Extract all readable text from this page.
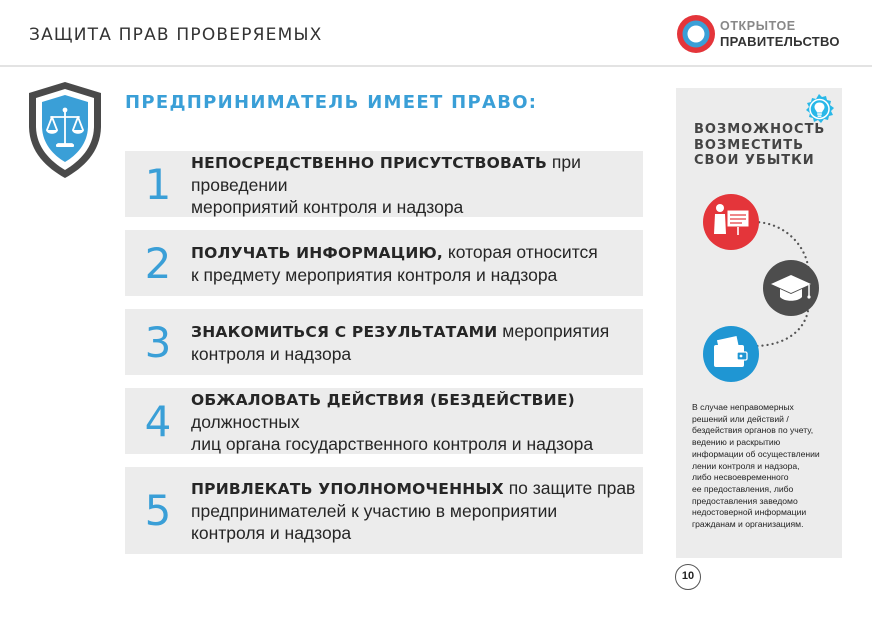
ЗАЩИТА ПРАВ ПРОВЕРЯЕМЫХ	ОТКРЫТОЕ
ПРАВИТЕЛЬСТВО
ПРЕДПРИНИМАТЕЛЬ ИМЕЕТ ПРАВО:
1	НЕПОСРЕДСТВЕННО ПРИСУТСТВОВАТЬ при проведении
мероприятий контроля и надзора
2	ПОЛУЧАТЬ ИНФОРМАЦИЮ, которая относится
к предмету мероприятия контроля и надзора
3	ЗНАКОМИТЬСЯ С РЕЗУЛЬТАТАМИ мероприятия
контроля и надзора
4	ОБЖАЛОВАТЬ ДЕЙСТВИЯ (БЕЗДЕЙСТВИЕ) должностных
лиц органа государственного контроля и надзора
5	ПРИВЛЕКАТЬ УПОЛНОМОЧЕННЫХ по защите прав
предпринимателей к участию в мероприятии
контроля и надзора
ВОЗМОЖНОСТЬ
ВОЗМЕСТИТЬ
СВОИ УБЫТКИ
В случае неправомерных
решений или действий /
бездействия органов по учету,
ведению и раскрытию
информации об осуществлении
лении контроля и надзора,
либо несвоевременного
ее предоставления, либо
предоставления заведомо
недостоверной информации
гражданам и организациям.
10
